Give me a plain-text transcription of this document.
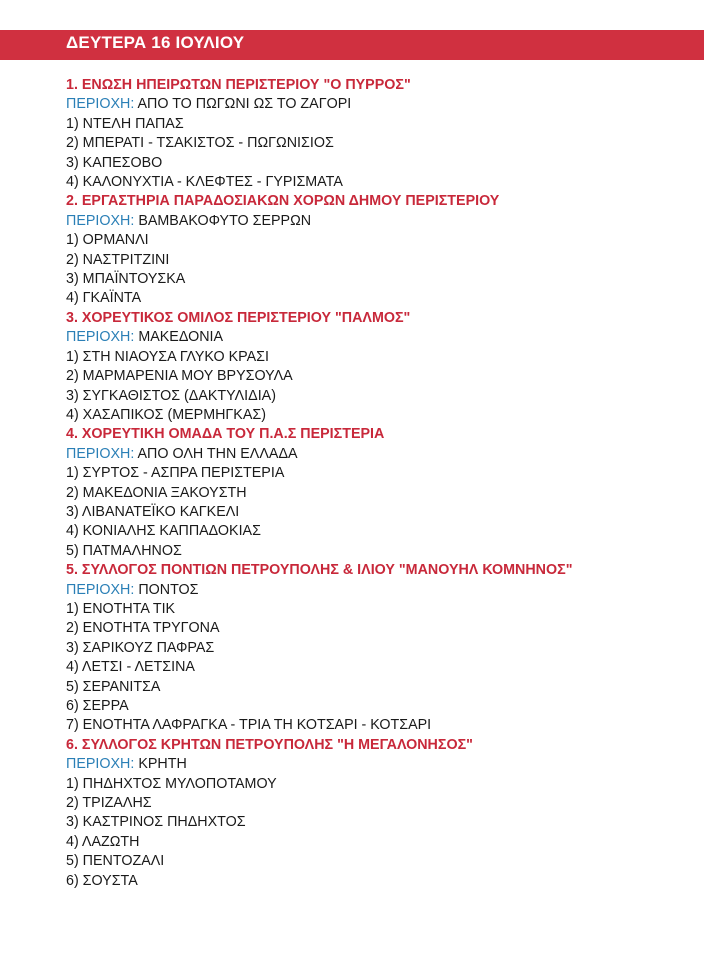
ΔΕΥΤΕΡΑ 16 ΙΟΥΛΙΟΥ
1. ΕΝΩΣΗ ΗΠΕΙΡΩΤΩΝ ΠΕΡΙΣΤΕΡΙΟΥ "Ο ΠΥΡΡΟΣ"
ΠΕΡΙΟΧΗ: ΑΠΟ ΤΟ ΠΩΓΩΝΙ ΩΣ ΤΟ ΖΑΓΟΡΙ
1) ΝΤΕΛΗ ΠΑΠΑΣ
2) ΜΠΕΡΑΤΙ - ΤΣΑΚΙΣΤΟΣ - ΠΩΓΩΝΙΣΙΟΣ
3) ΚΑΠΕΣΟΒΟ
4) ΚΑΛΟΝΥΧΤΙΑ - ΚΛΕΦΤΕΣ - ΓΥΡΙΣΜΑΤΑ
2. ΕΡΓΑΣΤΗΡΙΑ ΠΑΡΑΔΟΣΙΑΚΩΝ ΧΟΡΩΝ ΔΗΜΟΥ ΠΕΡΙΣΤΕΡΙΟΥ
ΠΕΡΙΟΧΗ: ΒΑΜΒΑΚΟΦΥΤΟ ΣΕΡΡΩΝ
1) ΟΡΜΑΝΛΙ
2) ΝΑΣΤΡΙΤΖΙΝΙ
3) ΜΠΑΪΝΤΟΥΣΚΑ
4) ΓΚΑΪΝΤΑ
3. ΧΟΡΕΥΤΙΚΟΣ ΟΜΙΛΟΣ ΠΕΡΙΣΤΕΡΙΟΥ "ΠΑΛΜΟΣ"
ΠΕΡΙΟΧΗ: ΜΑΚΕΔΟΝΙΑ
1) ΣΤΗ ΝΙΑΟΥΣΑ ΓΛΥΚΟ ΚΡΑΣΙ
2) ΜΑΡΜΑΡΕΝΙΑ ΜΟΥ ΒΡΥΣΟΥΛΑ
3) ΣΥΓΚΑΘΙΣΤΟΣ (ΔΑΚΤΥΛΙΔΙΑ)
4) ΧΑΣΑΠΙΚΟΣ (ΜΕΡΜΗΓΚΑΣ)
4. ΧΟΡΕΥΤΙΚΗ ΟΜΑΔΑ ΤΟΥ Π.Α.Σ ΠΕΡΙΣΤΕΡΙΑ
ΠΕΡΙΟΧΗ: ΑΠΟ ΟΛΗ ΤΗΝ ΕΛΛΑΔΑ
1) ΣΥΡΤΟΣ - ΑΣΠΡΑ ΠΕΡΙΣΤΕΡΙΑ
2) ΜΑΚΕΔΟΝΙΑ ΞΑΚΟΥΣΤΗ
3) ΛΙΒΑΝΑΤΕΪΚΟ ΚΑΓΚΕΛΙ
4) ΚΟΝΙΑΛΗΣ ΚΑΠΠΑΔΟΚΙΑΣ
5) ΠΑΤΜΑΛΗΝΟΣ
5. ΣΥΛΛΟΓΟΣ ΠΟΝΤΙΩΝ ΠΕΤΡΟΥΠΟΛΗΣ & ΙΛΙΟΥ "ΜΑΝΟΥΗΛ ΚΟΜΝΗΝΟΣ"
ΠΕΡΙΟΧΗ: ΠΟΝΤΟΣ
1) ΕΝΟΤΗΤΑ ΤΙΚ
2) ΕΝΟΤΗΤΑ ΤΡΥΓΟΝΑ
3) ΣΑΡΙΚΟΥΖ ΠΑΦΡΑΣ
4) ΛΕΤΣΙ - ΛΕΤΣΙΝΑ
5) ΣΕΡΑΝΙΤΣΑ
6) ΣΕΡΡΑ
7) ΕΝΟΤΗΤΑ ΛΑΦΡΑΓΚΑ - ΤΡΙΑ ΤΗ ΚΟΤΣΑΡΙ - ΚΟΤΣΑΡΙ
6. ΣΥΛΛΟΓΟΣ ΚΡΗΤΩΝ ΠΕΤΡΟΥΠΟΛΗΣ "Η ΜΕΓΑΛΟΝΗΣΟΣ"
ΠΕΡΙΟΧΗ: ΚΡΗΤΗ
1) ΠΗΔΗΧΤΟΣ ΜΥΛΟΠΟΤΑΜΟΥ
2) ΤΡΙΖΑΛΗΣ
3) ΚΑΣΤΡΙΝΟΣ ΠΗΔΗΧΤΟΣ
4) ΛΑΖΩΤΗ
5) ΠΕΝΤΟΖΑΛΙ
6) ΣΟΥΣΤΑ
